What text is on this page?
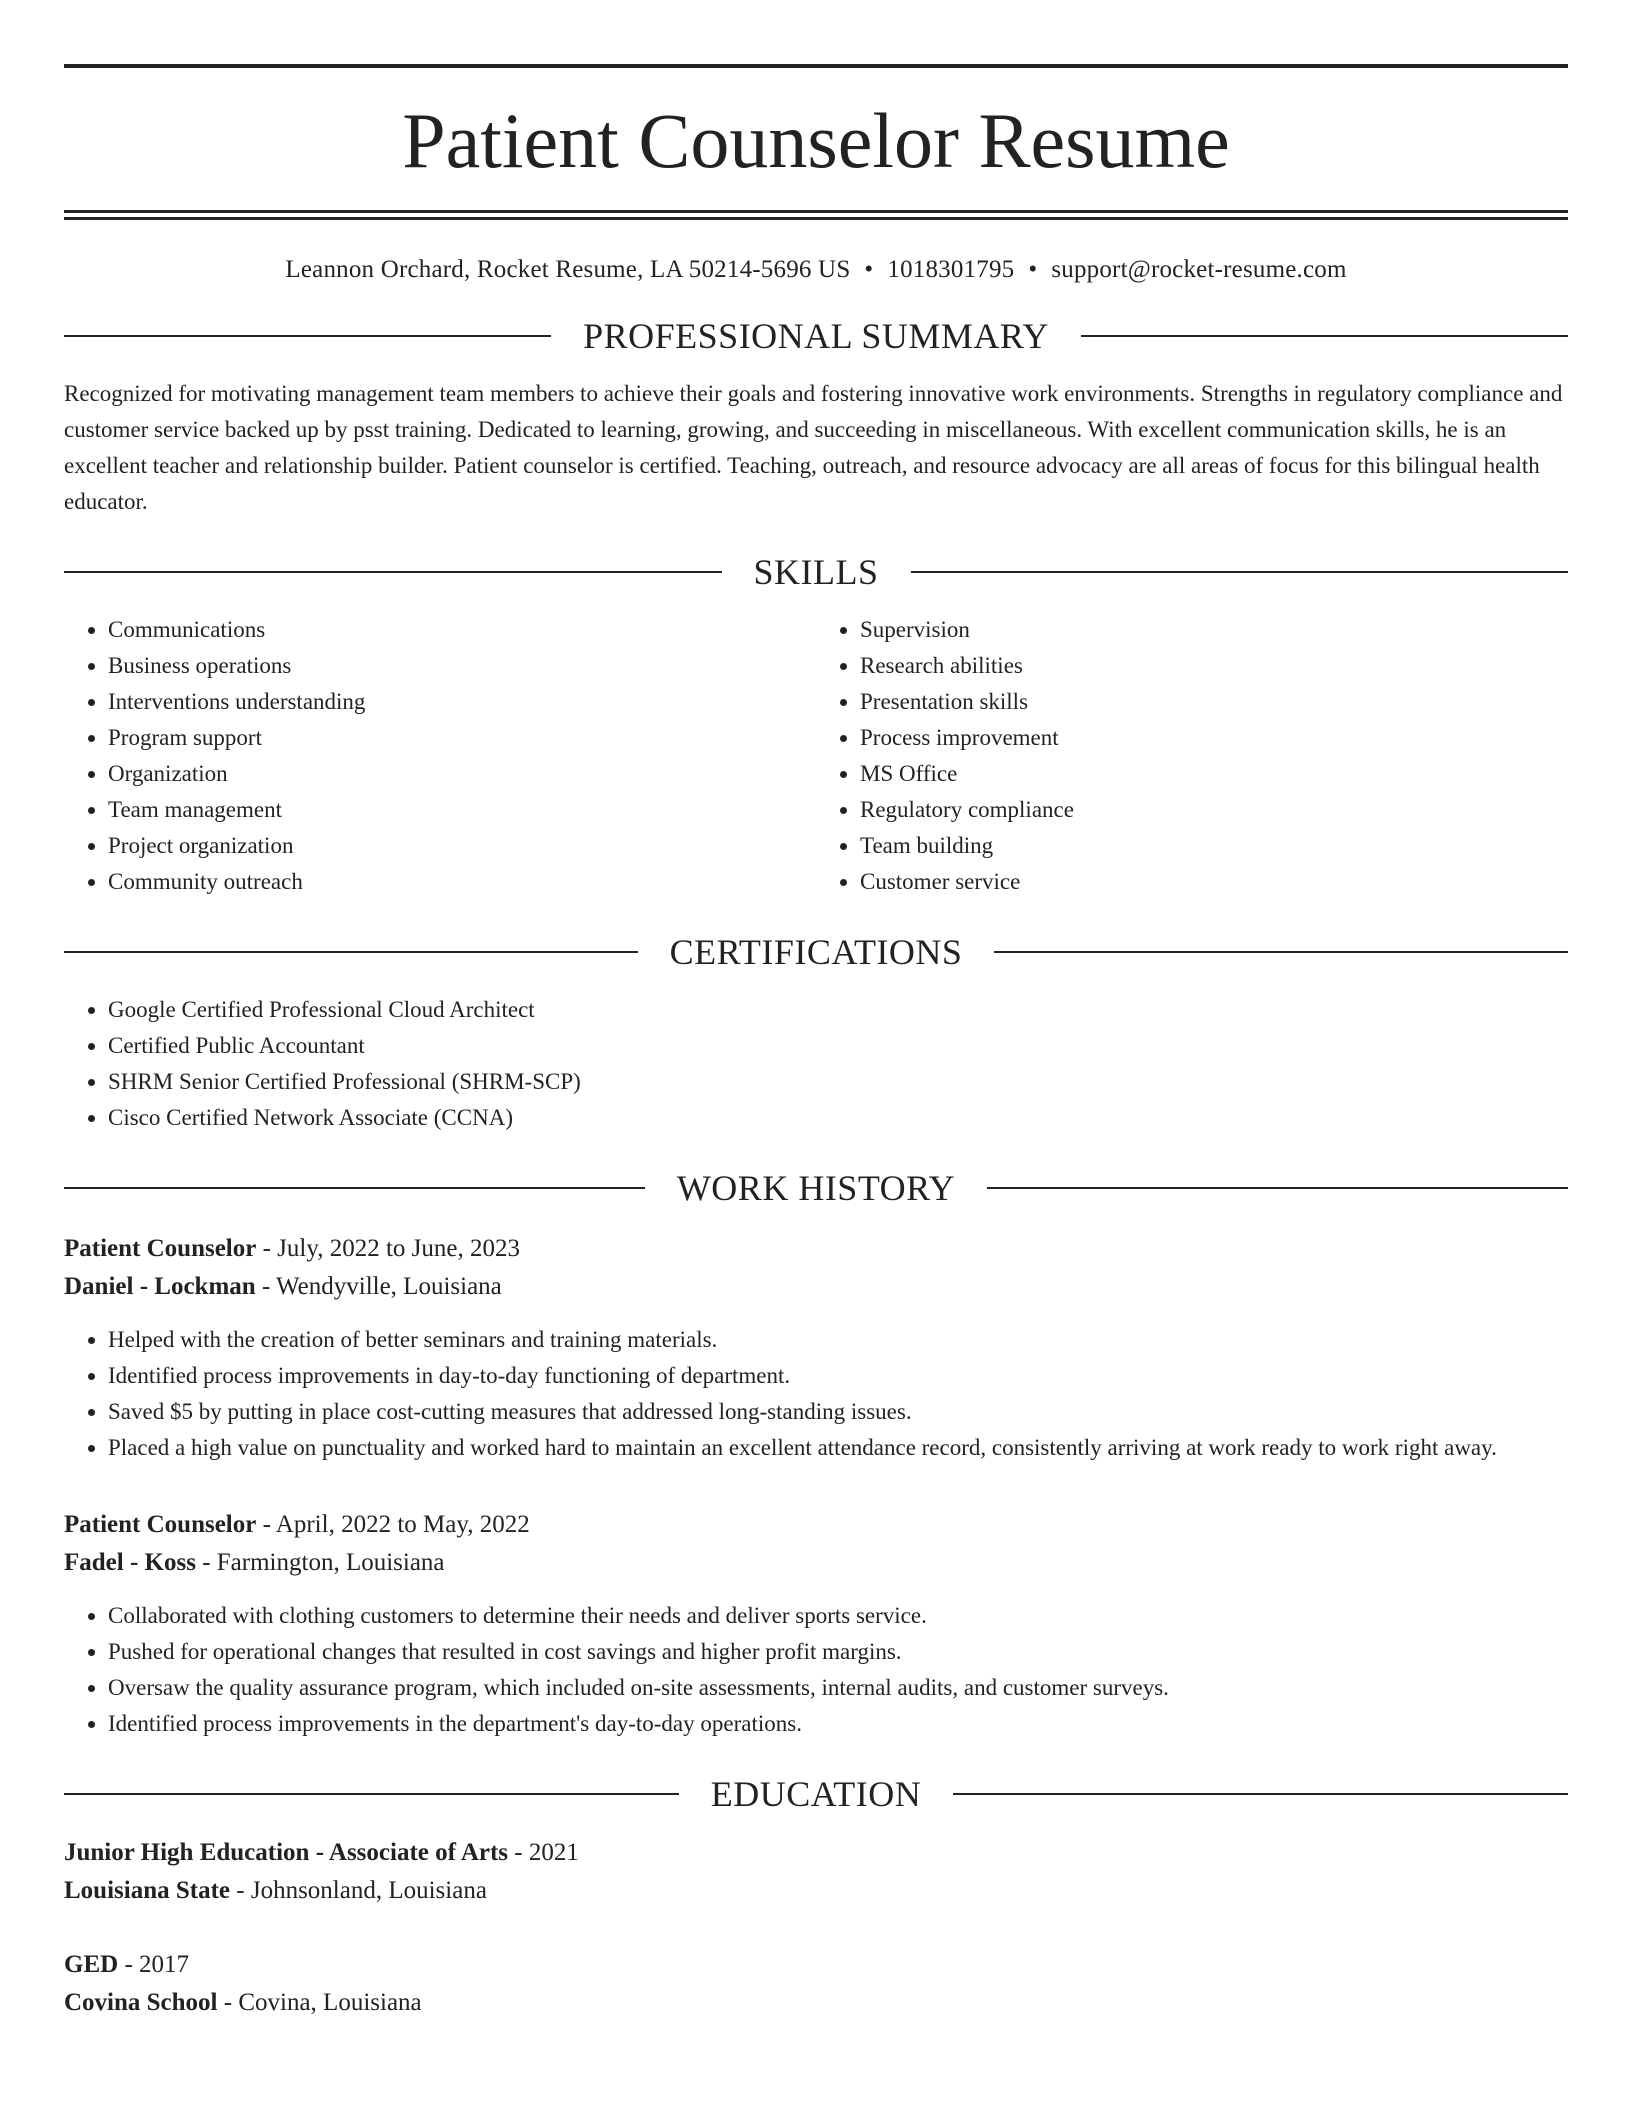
Patient Counselor Resume
Leannon Orchard, Rocket Resume, LA 50214-5696 US • 1018301795 • support@rocket-resume.com
PROFESSIONAL SUMMARY
Recognized for motivating management team members to achieve their goals and fostering innovative work environments. Strengths in regulatory compliance and customer service backed up by psst training. Dedicated to learning, growing, and succeeding in miscellaneous. With excellent communication skills, he is an excellent teacher and relationship builder. Patient counselor is certified. Teaching, outreach, and resource advocacy are all areas of focus for this bilingual health educator.
SKILLS
• Communications
• Business operations
• Interventions understanding
• Program support
• Organization
• Team management
• Project organization
• Community outreach
• Supervision
• Research abilities
• Presentation skills
• Process improvement
• MS Office
• Regulatory compliance
• Team building
• Customer service
CERTIFICATIONS
• Google Certified Professional Cloud Architect
• Certified Public Accountant
• SHRM Senior Certified Professional (SHRM-SCP)
• Cisco Certified Network Associate (CCNA)
WORK HISTORY
Patient Counselor - July, 2022 to June, 2023
Daniel - Lockman - Wendyville, Louisiana
• Helped with the creation of better seminars and training materials.
• Identified process improvements in day-to-day functioning of department.
• Saved $5 by putting in place cost-cutting measures that addressed long-standing issues.
• Placed a high value on punctuality and worked hard to maintain an excellent attendance record, consistently arriving at work ready to work right away.
Patient Counselor - April, 2022 to May, 2022
Fadel - Koss - Farmington, Louisiana
• Collaborated with clothing customers to determine their needs and deliver sports service.
• Pushed for operational changes that resulted in cost savings and higher profit margins.
• Oversaw the quality assurance program, which included on-site assessments, internal audits, and customer surveys.
• Identified process improvements in the department's day-to-day operations.
EDUCATION
Junior High Education - Associate of Arts - 2021
Louisiana State - Johnsonland, Louisiana
GED - 2017
Covina School - Covina, Louisiana
